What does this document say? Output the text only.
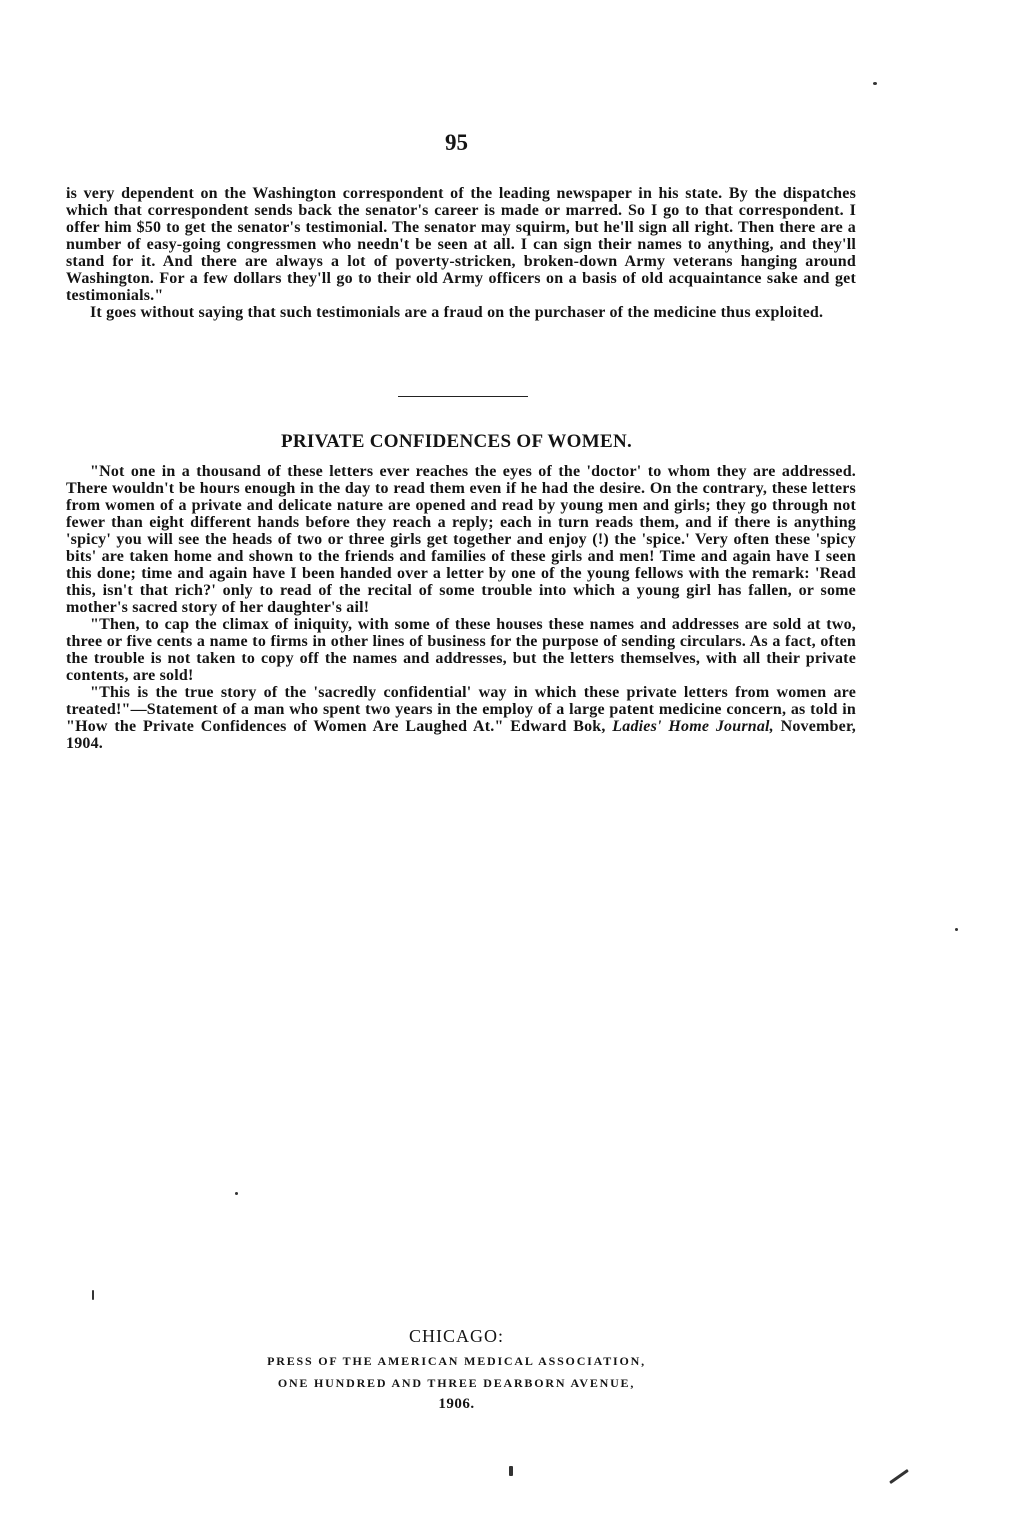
95

is very dependent on the Washington correspondent of the leading newspaper in his state. By the dispatches which that correspondent sends back the senator's career is made or marred. So I go to that correspondent. I offer him $50 to get the senator's testimonial. The senator may squirm, but he'll sign all right. Then there are a number of easy-going congressmen who needn't be seen at all. I can sign their names to anything, and they'll stand for it. And there are always a lot of poverty-stricken, broken-down Army veterans hanging around Washington. For a few dollars they'll go to their old Army officers on a basis of old acquaintance sake and get testimonials."

It goes without saying that such testimonials are a fraud on the purchaser of the medicine thus exploited.

PRIVATE CONFIDENCES OF WOMEN.

"Not one in a thousand of these letters ever reaches the eyes of the 'doctor' to whom they are addressed. There wouldn't be hours enough in the day to read them even if he had the desire. On the contrary, these letters from women of a private and delicate nature are opened and read by young men and girls; they go through not fewer than eight different hands before they reach a reply; each in turn reads them, and if there is anything 'spicy' you will see the heads of two or three girls get together and enjoy (!) the 'spice.' Very often these 'spicy bits' are taken home and shown to the friends and families of these girls and men! Time and again have I seen this done; time and again have I been handed over a letter by one of the young fellows with the remark: 'Read this, isn't that rich?' only to read of the recital of some trouble into which a young girl has fallen, or some mother's sacred story of her daughter's ail!

"Then, to cap the climax of iniquity, with some of these houses these names and addresses are sold at two, three or five cents a name to firms in other lines of business for the purpose of sending circulars. As a fact, often the trouble is not taken to copy off the names and addresses, but the letters themselves, with all their private contents, are sold!

"This is the true story of the 'sacredly confidential' way in which these private letters from women are treated!"—Statement of a man who spent two years in the employ of a large patent medicine concern, as told in "How the Private Confidences of Women Are Laughed At." Edward Bok, Ladies' Home Journal, November, 1904.

CHICAGO:
PRESS OF THE AMERICAN MEDICAL ASSOCIATION,
ONE HUNDRED AND THREE DEARBORN AVENUE,
1906.
